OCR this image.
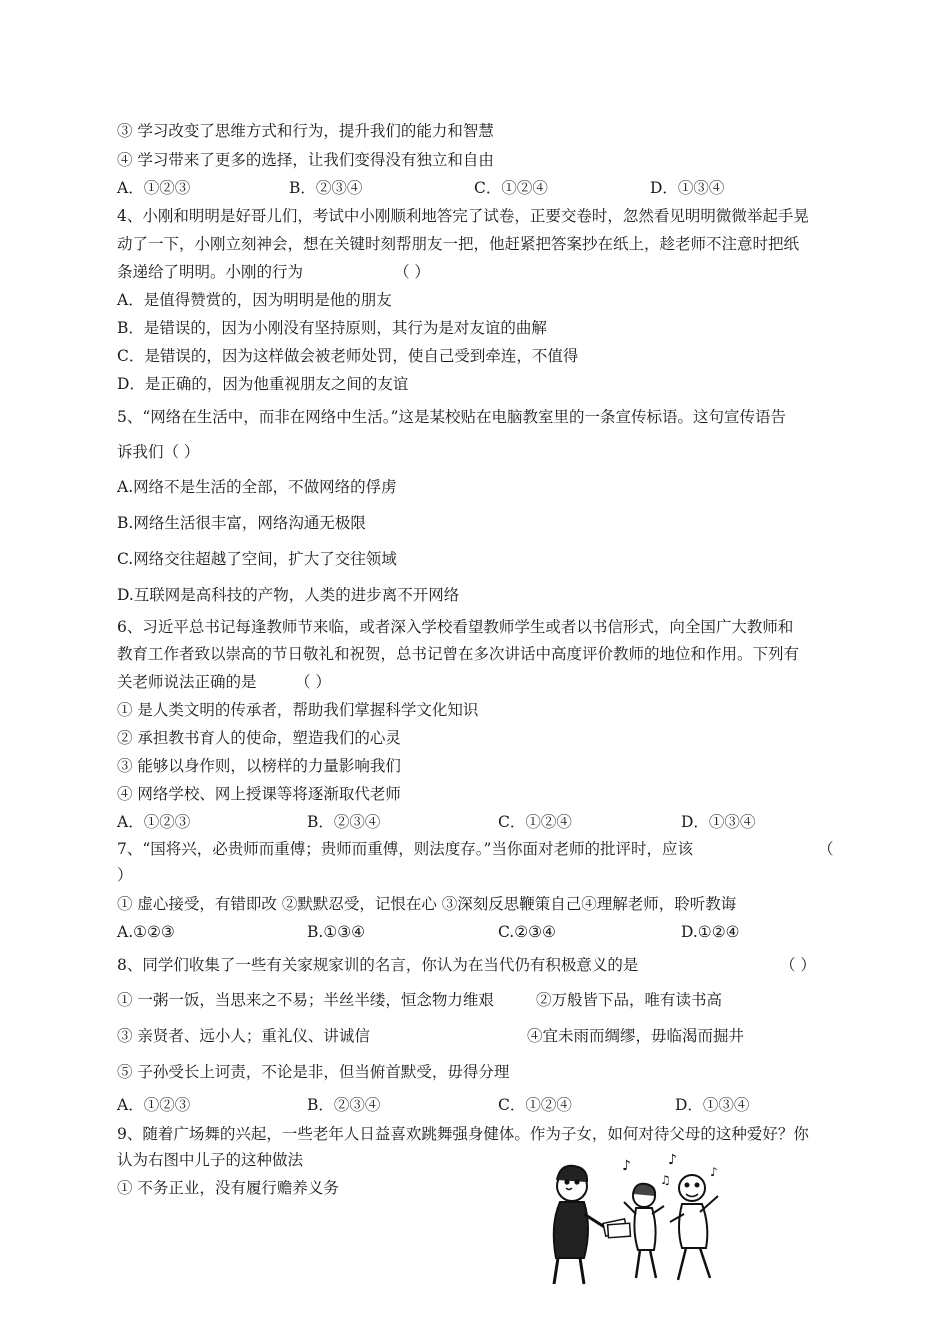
③ 学习改变了思维方式和行为，提升我们的能力和智慧
④ 学习带来了更多的选择，让我们变得没有独立和自由
A．①②③	B．②③④	C．①②④	D．①③④
4、小刚和明明是好哥儿们，考试中小刚顺利地答完了试卷，正要交卷时，忽然看见明明微微举起手晃
动了一下，小刚立刻神会，想在关键时刻帮朋友一把，他赶紧把答案抄在纸上，趁老师不注意时把纸
条递给了明明。小刚的行为	（ ）
A．是值得赞赏的，因为明明是他的朋友
B．是错误的，因为小刚没有坚持原则，其行为是对友谊的曲解
C．是错误的，因为这样做会被老师处罚，使自己受到牵连，不值得
D．是正确的，因为他重视朋友之间的友谊
5、“网络在生活中，而非在网络中生活。”这是某校贴在电脑教室里的一条宣传标语。这句宣传语告
诉我们（ ）
A.网络不是生活的全部，不做网络的俘虏
B.网络生活很丰富，网络沟通无极限
C.网络交往超越了空间，扩大了交往领域
D.互联网是高科技的产物，人类的进步离不开网络
6、习近平总书记每逢教师节来临，或者深入学校看望教师学生或者以书信形式，向全国广大教师和
教育工作者致以崇高的节日敬礼和祝贺，总书记曾在多次讲话中高度评价教师的地位和作用。下列有
关老师说法正确的是 （ ）
① 是人类文明的传承者，帮助我们掌握科学文化知识
② 承担教书育人的使命，塑造我们的心灵
③ 能够以身作则，以榜样的力量影响我们
④ 网络学校、网上授课等将逐渐取代老师
A．①②③	B．②③④	C．①②④	D．①③④
7、“国将兴，必贵师而重傅；贵师而重傅，则法度存。”当你面对老师的批评时，应该	（
）
① 虚心接受，有错即改 ②默默忍受，记恨在心 ③深刻反思鞭策自己④理解老师，聆听教诲
A.①②③	B.①③④	C.②③④	D.①②④
8、同学们收集了一些有关家规家训的名言，你认为在当代仍有积极意义的是	（ ）
① 一粥一饭，当思来之不易；半丝半缕，恒念物力维艰	②万般皆下品，唯有读书高
③ 亲贤者、远小人；重礼仪、讲诚信	④宜未雨而绸缪，毋临渴而掘井
⑤ 子孙受长上诃责，不论是非，但当俯首默受，毋得分理
A．①②③	B．②③④	C．①②④	D．①③④
9、随着广场舞的兴起，一些老年人日益喜欢跳舞强身健体。作为子女，如何对待父母的这种爱好？你
认为右图中儿子的这种做法
① 不务正业，没有履行赡养义务
♪	♪
♫
♪
